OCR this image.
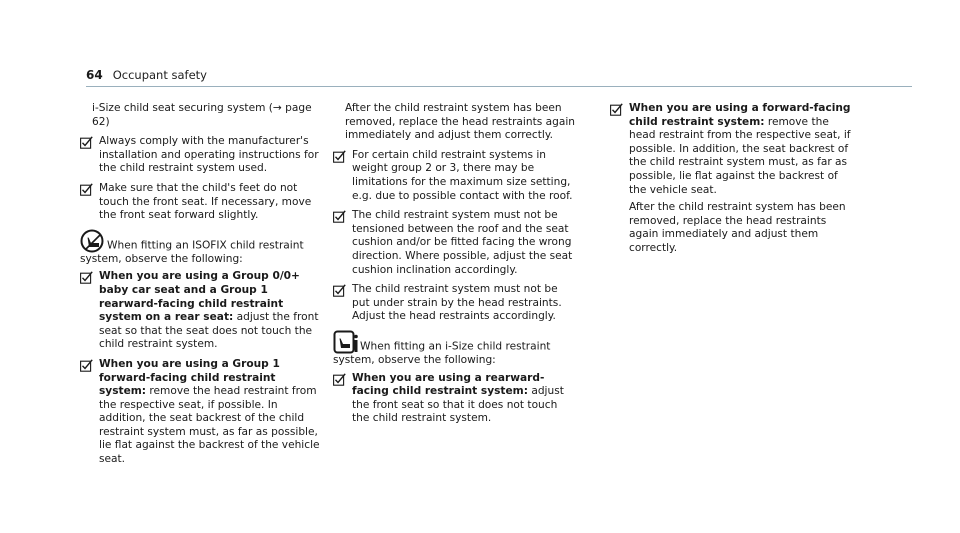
64 Occupant safety
i-Size child seat securing system (→ page 62)
Always comply with the manufacturer's installation and operating instructions for the child restraint system used.
Make sure that the child's feet do not touch the front seat. If necessary, move the front seat forward slightly.
When fitting an ISOFIX child restraint system, observe the following:
When you are using a Group 0/0+ baby car seat and a Group 1 rearward-facing child restraint system on a rear seat: adjust the front seat so that the seat does not touch the child restraint system.
When you are using a Group 1 forward-facing child restraint system: remove the head restraint from the respective seat, if possible. In addition, the seat backrest of the child restraint system must, as far as possible, lie flat against the backrest of the vehicle seat.
After the child restraint system has been removed, replace the head restraints again immediately and adjust them correctly.
For certain child restraint systems in weight group 2 or 3, there may be limitations for the maximum size setting, e.g. due to possible contact with the roof.
The child restraint system must not be tensioned between the roof and the seat cushion and/or be fitted facing the wrong direction. Where possible, adjust the seat cushion inclination accordingly.
The child restraint system must not be put under strain by the head restraints. Adjust the head restraints accordingly.
When fitting an i-Size child restraint system, observe the following:
When you are using a rearward-facing child restraint system: adjust the front seat so that it does not touch the child restraint system.
When you are using a forward-facing child restraint system: remove the head restraint from the respective seat, if possible. In addition, the seat backrest of the child restraint system must, as far as possible, lie flat against the backrest of the vehicle seat.
After the child restraint system has been removed, replace the head restraints again immediately and adjust them correctly.
